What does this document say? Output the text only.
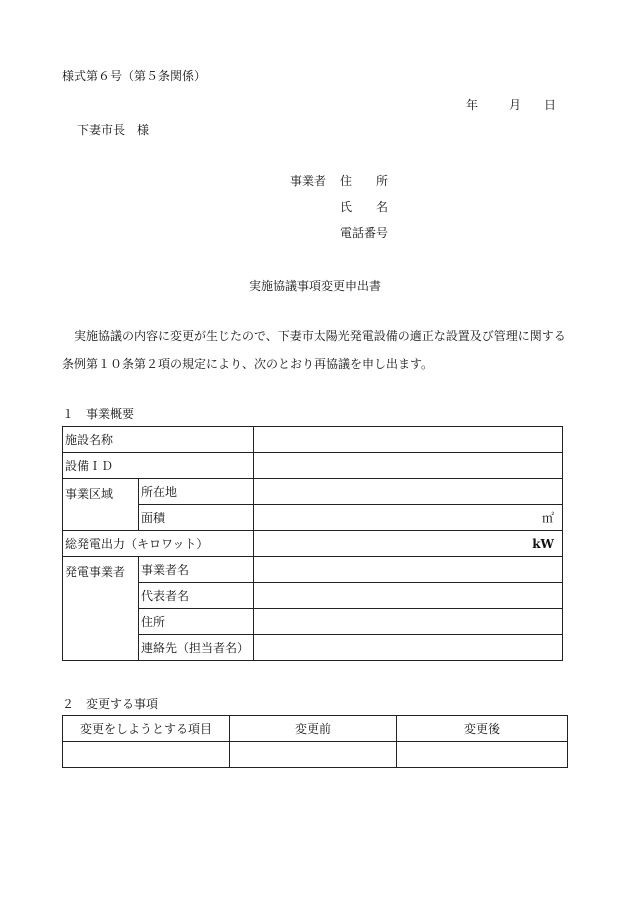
様式第６号（第５条関係）
年	月 日
下妻市長　様
事業者 住　　所
氏　　名
電話番号
実施協議事項変更申出書
実施協議の内容に変更が生じたので、下妻市太陽光発電設備の適正な設置及び管理に関する条例第１０条第２項の規定により、次のとおり再協議を申し出ます。
１　事業概要
施設名称		
設備ＩＤ		
事業区域	所在地	
	面積	㎡
総発電出力（キロワット）		kW
発電事業者	事業者名	
	代表者名	
	住所	
	連絡先（担当者名）	
２　変更する事項
変更をしようとする項目	変更前	変更後
